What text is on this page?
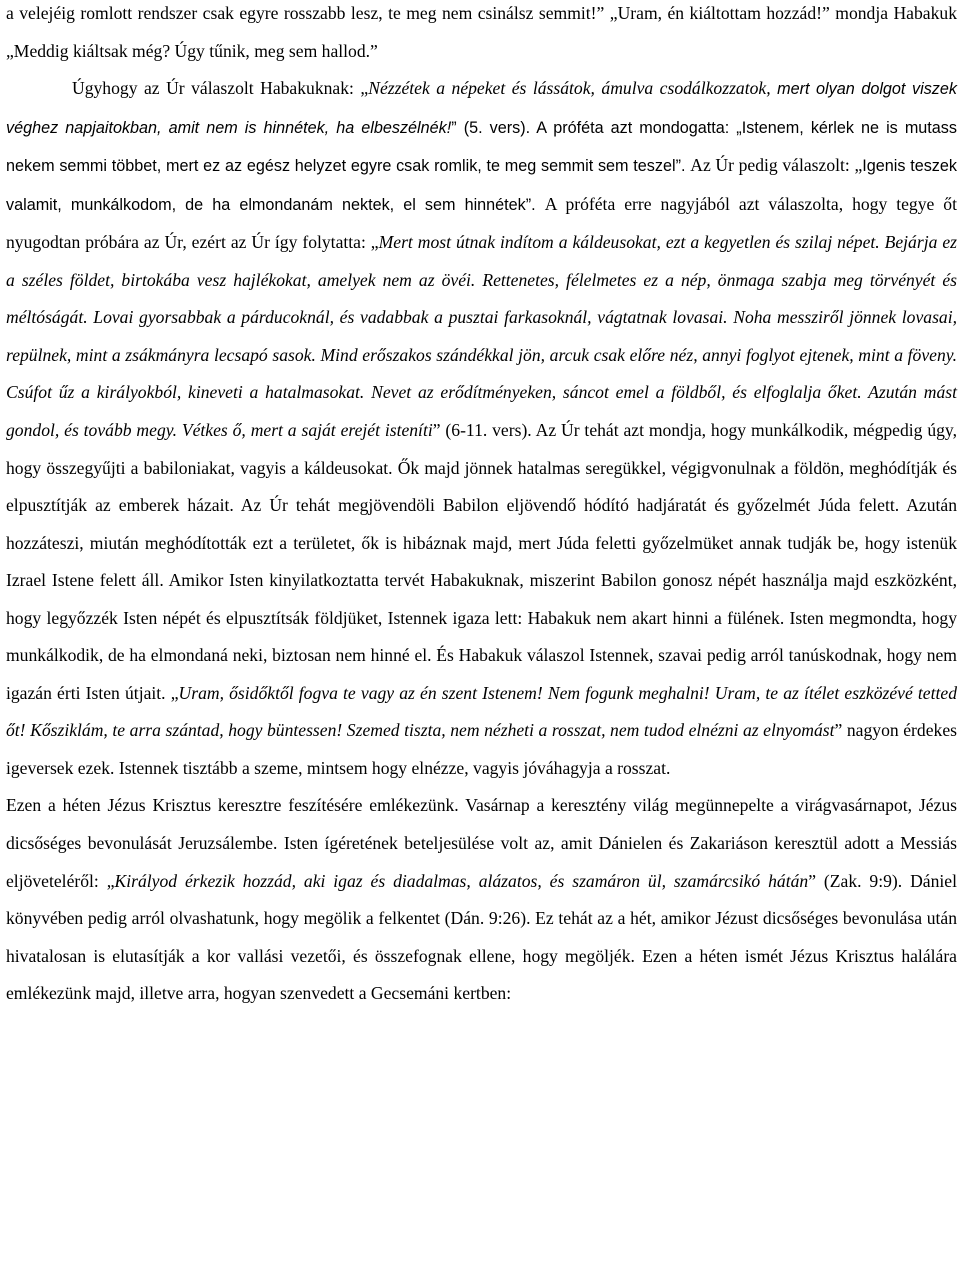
a velejéig romlott rendszer csak egyre rosszabb lesz, te meg nem csinálsz semmit!” „Uram, én kiáltottam hozzád!” mondja Habakuk „Meddig kiáltsak még? Úgy tűnik, meg sem hallod.”

Úgyhogy az Úr válaszolt Habakuknak: „Nézzétek a népeket és lássátok, ámulva csodálkozzatok, mert olyan dolgot viszek véghez napjaitokban, amit nem is hinnétek, ha elbeszélnék!” (5. vers). A próféta azt mondogatta: „Istenem, kérlek ne is mutass nekem semmi többet, mert ez az egész helyzet egyre csak romlik, te meg semmit sem teszel”. Az Úr pedig válaszolt: „Igenis teszek valamit, munkálkodom, de ha elmondanám nektek, el sem hinnétek”. A próféta erre nagyjából azt válaszolta, hogy tegye őt nyugodtan próbára az Úr, ezért az Úr így folytatta: „Mert most útnak indítom a káldeusokat, ezt a kegyetlen és szilaj népet. Bejárja ez a széles földet, birtokába vesz hajlékokat, amelyek nem az övéi. Rettenetes, félelmetes ez a nép, önmaga szabja meg törvényét és méltóságát. Lovai gyorsabbak a párducoknál, és vadabbak a pusztai farkasoknál, vágtatnak lovasai. Noha messziről jönnek lovasai, repülnek, mint a zsákmányra lecsapó sasok. Mind erőszakos szándékkal jön, arcuk csak előre néz, annyi foglyot ejtenek, mint a föveny. Csúfot űz a királyokból, kineveti a hatalmasokat. Nevet az erődítményeken, sáncot emel a földből, és elfoglalja őket. Azután mást gondol, és tovább megy. Vétkes ő, mert a saját erejét isteníti” (6-11. vers). Az Úr tehát azt mondja, hogy munkálkodik, mégpedig úgy, hogy összegyűjti a babiloniakat, vagyis a káldeusokat. Ők majd jönnek hatalmas seregükkel, végigvonulnak a földön, meghódítják és elpusztítják az emberek házait. Az Úr tehát megjövendöli Babilon eljövendő hódító hadjáratát és győzelmét Júda felett. Azután hozzáteszi, miután meghódították ezt a területet, ők is hibáznak majd, mert Júda feletti győzelmüket annak tudják be, hogy istenük Izrael Istene felett áll. Amikor Isten kinyilatkoztatta tervét Habakuknak, miszerint Babilon gonosz népét használja majd eszközként, hogy legyőzzék Isten népét és elpusztítsák földjüket, Istennek igaza lett: Habakuk nem akart hinni a fülének. Isten megmondta, hogy munkálkodik, de ha elmondaná neki, biztosan nem hinné el. És Habakuk válaszol Istennek, szavai pedig arról tanúskodnak, hogy nem igazán érti Isten útjait. „Uram, ősidőktől fogva te vagy az én szent Istenem! Nem fogunk meghalni! Uram, te az ítélet eszközévé tetted őt! Kősziklám, te arra szántad, hogy büntessen! Szemed tiszta, nem nézheti a rosszat, nem tudod elnézni az elnyomást” nagyon érdekes igeversek ezek. Istennek tisztább a szeme, mintsem hogy elnézze, vagyis jóváhagyja a rosszat.

Ezen a héten Jézus Krisztus keresztre feszítésére emlékezünk. Vasárnap a keresztény világ megünnepelte a virágvasárnapot, Jézus dicsőséges bevonulását Jeruzsálembe. Isten ígéretének beteljesülése volt az, amit Dánielen és Zakariáson keresztül adott a Messiás eljöveteléről: „Királyod érkezik hozzád, aki igaz és diadalmas, alázatos, és szamáron ül, szamárcsikó hátán” (Zak. 9:9). Dániel könyvében pedig arról olvashatunk, hogy megölik a felkentet (Dán. 9:26). Ez tehát az a hét, amikor Jézust dicsőséges bevonulása után hivatalosan is elutasítják a kor vallási vezetői, és összefognak ellene, hogy megöljék. Ezen a héten ismét Jézus Krisztus halálára emlékezünk majd, illetve arra, hogyan szenvedett a Gecsemáni kertben:
